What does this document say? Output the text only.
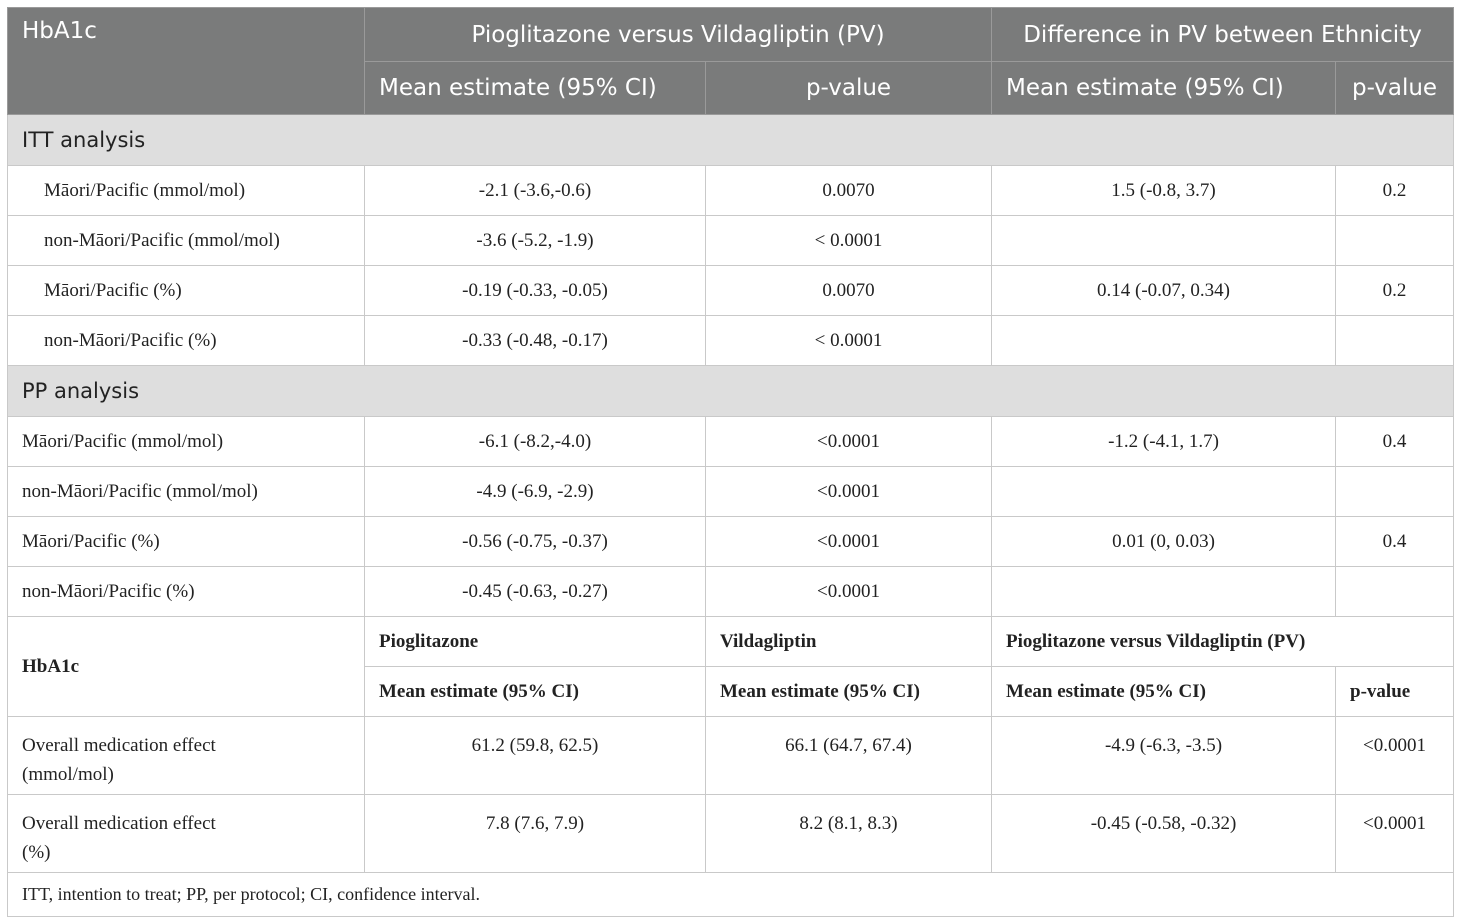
HbA1c	Pioglitazone versus Vildagliptin (PV)		Difference in PV between Ethnicity	
	Mean estimate (95% CI)	p-value	Mean estimate (95% CI)	p-value
ITT analysis				
Māori/Pacific (mmol/mol)	-2.1 (-3.6,-0.6)	0.0070	1.5 (-0.8, 3.7)	0.2
non-Māori/Pacific (mmol/mol)	-3.6 (-5.2, -1.9)	< 0.0001		
Māori/Pacific (%)	-0.19 (-0.33, -0.05)	0.0070	0.14 (-0.07, 0.34)	0.2
non-Māori/Pacific (%)	-0.33 (-0.48, -0.17)	< 0.0001		
PP analysis				
Māori/Pacific (mmol/mol)	-6.1 (-8.2,-4.0)	<0.0001	-1.2 (-4.1, 1.7)	0.4
non-Māori/Pacific (mmol/mol)	-4.9 (-6.9, -2.9)	<0.0001		
Māori/Pacific (%)	-0.56 (-0.75, -0.37)	<0.0001	0.01 (0, 0.03)	0.4
non-Māori/Pacific (%)	-0.45 (-0.63, -0.27)	<0.0001		
HbA1c	Pioglitazone	Vildagliptin	Pioglitazone versus Vildagliptin (PV)	
	Mean estimate (95% CI)	Mean estimate (95% CI)	Mean estimate (95% CI)	p-value
Overall medication effect
(mmol/mol)	61.2 (59.8, 62.5)	66.1 (64.7, 67.4)	-4.9 (-6.3, -3.5)	<0.0001
Overall medication effect
(%)	7.8 (7.6, 7.9)	8.2 (8.1, 8.3)	-0.45 (-0.58, -0.32)	<0.0001
ITT, intention to treat; PP, per protocol; CI, confidence interval.				
